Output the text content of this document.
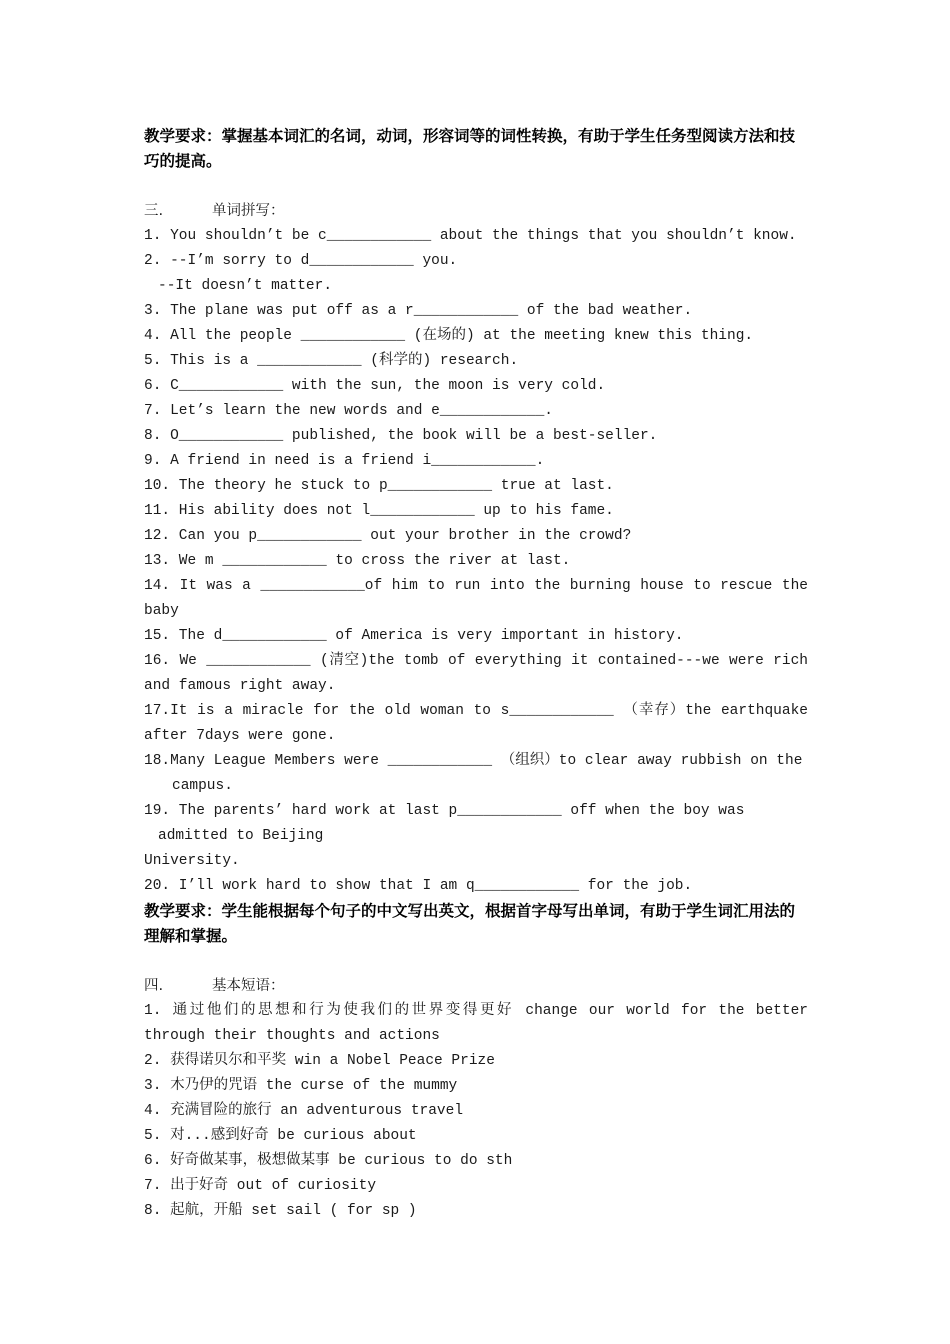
教学要求：掌握基本词汇的名词，动词，形容词等的词性转换，有助于学生任务型阅读方法和技巧的提高。
三.	单词拼写：
1. You shouldn’t be c____________ about the things that you shouldn’t know.
2. --I’m sorry to d____________ you.
--It doesn’t matter.
3. The plane was put off as a r____________ of the bad weather.
4. All the people ____________ (在场的) at the meeting knew this thing.
5. This is a ____________ (科学的) research.
6. C____________ with the sun, the moon is very cold.
7. Let’s learn the new words and e____________.
8. O____________ published, the book will be a best-seller.
9. A friend in need is a friend i____________.
10. The theory he stuck to p____________ true at last.
11. His ability does not l____________ up to his fame.
12. Can you p____________ out your brother in the crowd?
13. We m ____________ to cross the river at last.
14. It was a ____________of him to run into the burning house to rescue the baby
15. The d____________ of America is very important in history.
16. We ____________ (清空)the tomb of everything it contained---we were rich and famous right away.
17.It is a miracle for the old woman to s____________ （幸存）the earthquake after 7days were gone.
18.Many League Members were ____________ （组织）to clear away rubbish on the
campus.
19. The parents’ hard work at last p____________ off when the boy was
admitted to Beijing
University.
20. I’ll work hard to show that I am q____________ for the job.
教学要求：学生能根据每个句子的中文写出英文，根据首字母写出单词，有助于学生词汇用法的理解和掌握。
四.	基本短语：
1. 通过他们的思想和行为使我们的世界变得更好 change our world for the better through their thoughts and actions
2. 获得诺贝尔和平奖 win a Nobel Peace Prize
3. 木乃伊的咒语 the curse of the mummy
4. 充满冒险的旅行 an adventurous travel
5. 对...感到好奇 be curious about
6. 好奇做某事，极想做某事 be curious to do sth
7. 出于好奇 out of curiosity
8. 起航，开船 set sail ( for sp )
